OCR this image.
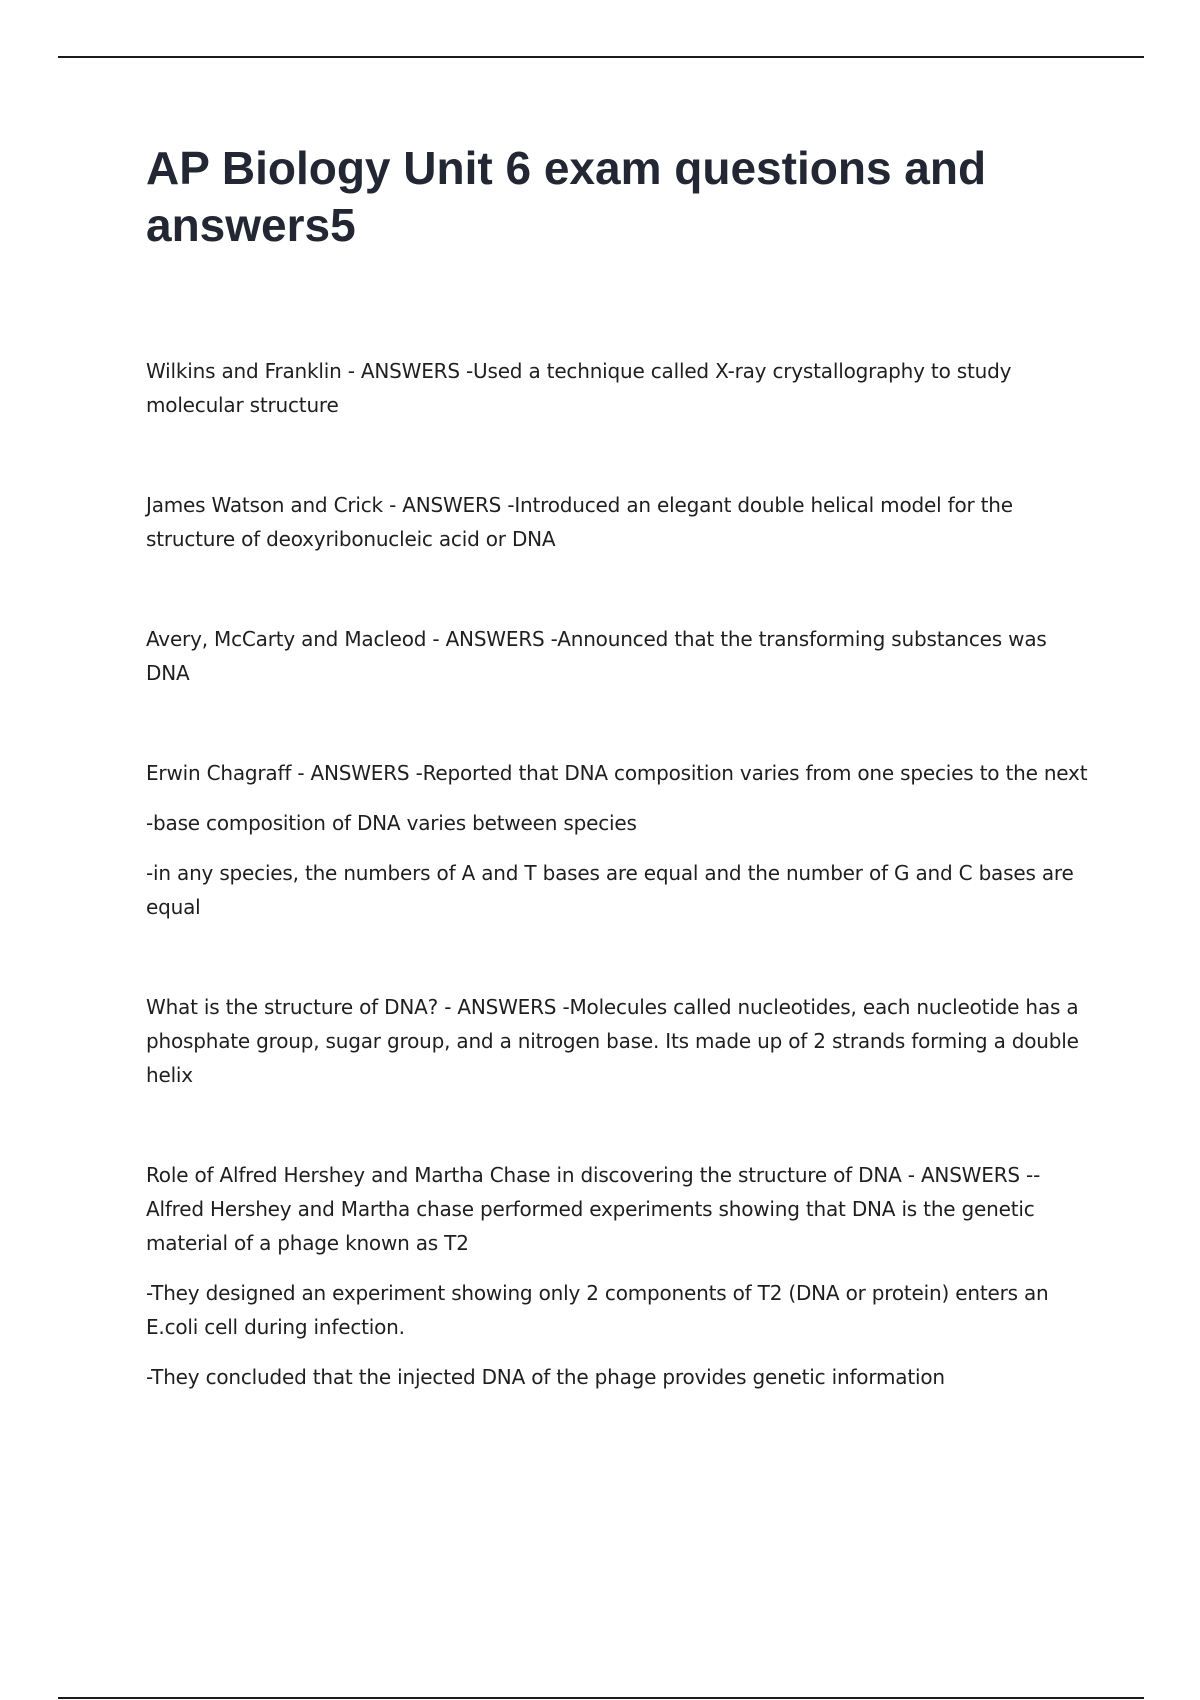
AP Biology Unit 6 exam questions and answers5

Wilkins and Franklin - ANSWERS -Used a technique called X-ray crystallography to study molecular structure

James Watson and Crick - ANSWERS -Introduced an elegant double helical model for the structure of deoxyribonucleic acid or DNA

Avery, McCarty and Macleod - ANSWERS -Announced that the transforming substances was DNA

Erwin Chagraff - ANSWERS -Reported that DNA composition varies from one species to the next

-base composition of DNA varies between species

-in any species, the numbers of A and T bases are equal and the number of G and C bases are equal

What is the structure of DNA? - ANSWERS -Molecules called nucleotides, each nucleotide has a phosphate group, sugar group, and a nitrogen base. Its made up of 2 strands forming a double helix

Role of Alfred Hershey and Martha Chase in discovering the structure of DNA - ANSWERS --Alfred Hershey and Martha chase performed experiments showing that DNA is the genetic material of a phage known as T2

-They designed an experiment showing only 2 components of T2 (DNA or protein) enters an E.coli cell during infection.

-They concluded that the injected DNA of the phage provides genetic information
